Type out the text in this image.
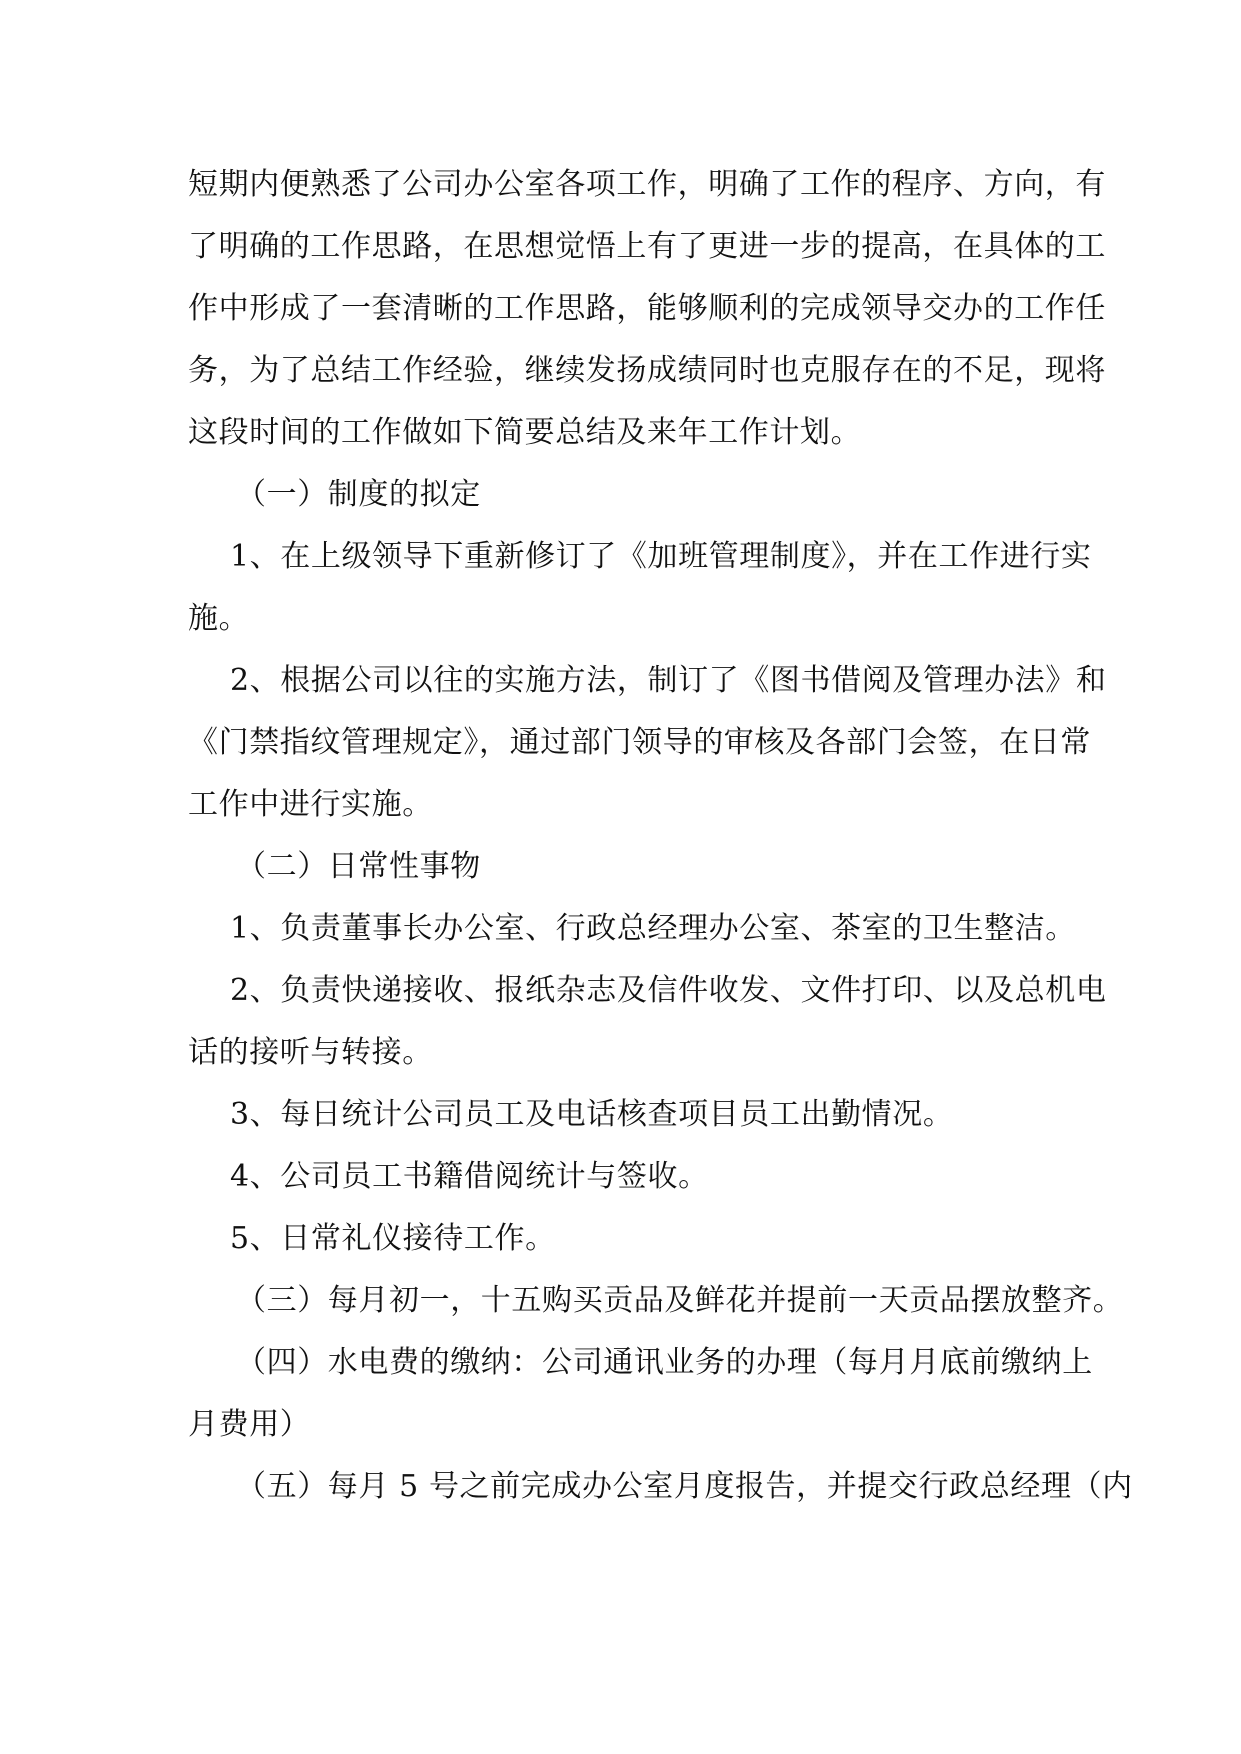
短期内便熟悉了公司办公室各项工作，明确了工作的程序、方向，有
了明确的工作思路，在思想觉悟上有了更进一步的提高，在具体的工
作中形成了一套清晰的工作思路，能够顺利的完成领导交办的工作任
务，为了总结工作经验，继续发扬成绩同时也克服存在的不足，现将
这段时间的工作做如下简要总结及来年工作计划。
（一）制度的拟定
1、在上级领导下重新修订了《加班管理制度》，并在工作进行实
施。
2、根据公司以往的实施方法，制订了《图书借阅及管理办法》和
《门禁指纹管理规定》，通过部门领导的审核及各部门会签，在日常
工作中进行实施。
（二）日常性事物
1、负责董事长办公室、行政总经理办公室、茶室的卫生整洁。
2、负责快递接收、报纸杂志及信件收发、文件打印、以及总机电
话的接听与转接。
3、每日统计公司员工及电话核查项目员工出勤情况。
4、公司员工书籍借阅统计与签收。
5、日常礼仪接待工作。
（三）每月初一，十五购买贡品及鲜花并提前一天贡品摆放整齐。
（四）水电费的缴纳：公司通讯业务的办理（每月月底前缴纳上
月费用）
（五）每月 5 号之前完成办公室月度报告，并提交行政总经理（内
